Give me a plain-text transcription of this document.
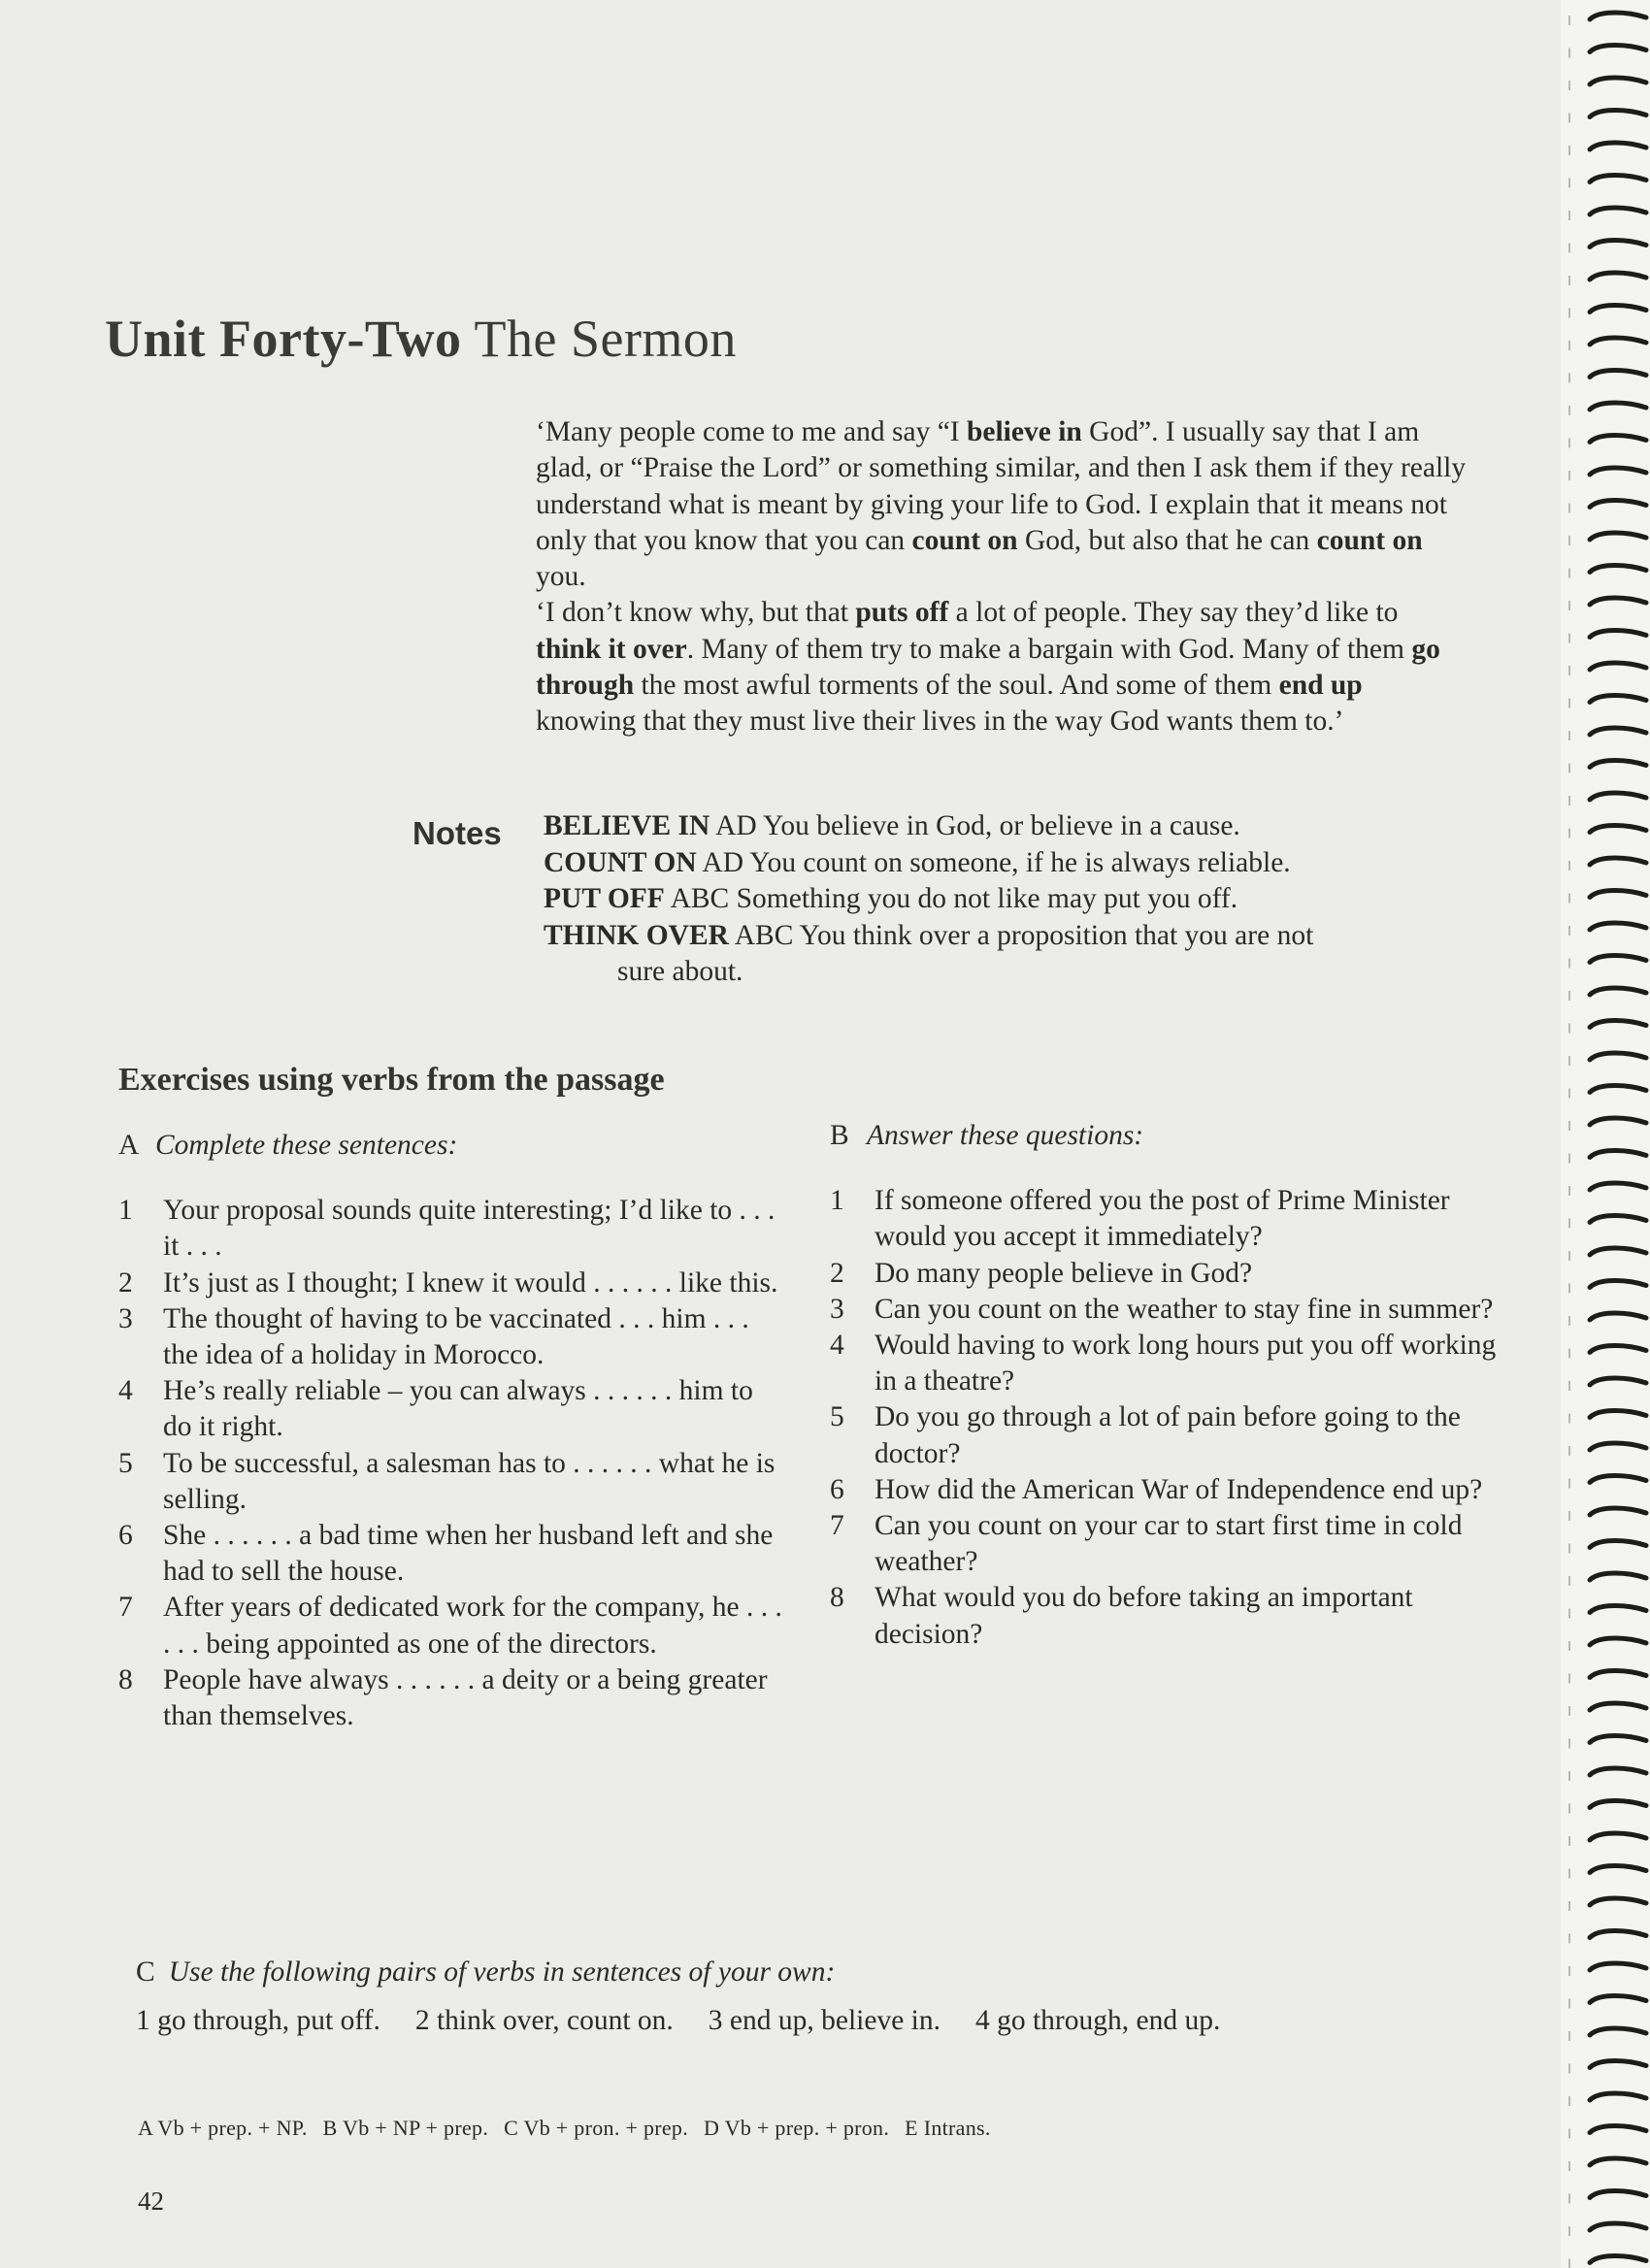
Unit Forty-Two The Sermon

‘Many people come to me and say “I believe in God”. I usually say that I am glad, or “Praise the Lord” or something similar, and then I ask them if they really understand what is meant by giving your life to God. I explain that it means not only that you know that you can count on God, but also that he can count on you.

‘I don’t know why, but that puts off a lot of people. They say they’d like to think it over. Many of them try to make a bargain with God. Many of them go through the most awful torments of the soul. And some of them end up knowing that they must live their lives in the way God wants them to.’

Notes BELIEVE IN AD You believe in God, or believe in a cause.
COUNT ON AD You count on someone, if he is always reliable.
PUT OFF ABC Something you do not like may put you off.
THINK OVER ABC You think over a proposition that you are not
sure about.
Exercises using verbs from the passage
A Complete these sentences:
1	Your proposal sounds quite interesting; I’d like to . . . it . . .
2	It’s just as I thought; I knew it would . . . . . . like this.
3	The thought of having to be vaccinated . . . him . . . the idea of a holiday in Morocco.
4	He’s really reliable – you can always . . . . . . him to do it right.
5	To be successful, a salesman has to . . . . . . what he is selling.
6	She . . . . . . a bad time when her husband left and she had to sell the house.
7	After years of dedicated work for the company, he . . . . . . being appointed as one of the directors.
8	People have always . . . . . . a deity or a being greater than themselves.
B Answer these questions:
1	If someone offered you the post of Prime Minister would you accept it immediately?
2	Do many people believe in God?
3	Can you count on the weather to stay fine in summer?
4	Would having to work long hours put you off working in a theatre?
5	Do you go through a lot of pain before going to the doctor?
6	How did the American War of Independence end up?
7	Can you count on your car to start first time in cold weather?
8	What would you do before taking an important decision?
C Use the following pairs of verbs in sentences of your own:
1 go through, put off. 2 think over, count on. 3 end up, believe in. 4 go through, end up.
A Vb + prep. + NP. B Vb + NP + prep. C Vb + pron. + prep. D Vb + prep. + pron. E Intrans.
42
